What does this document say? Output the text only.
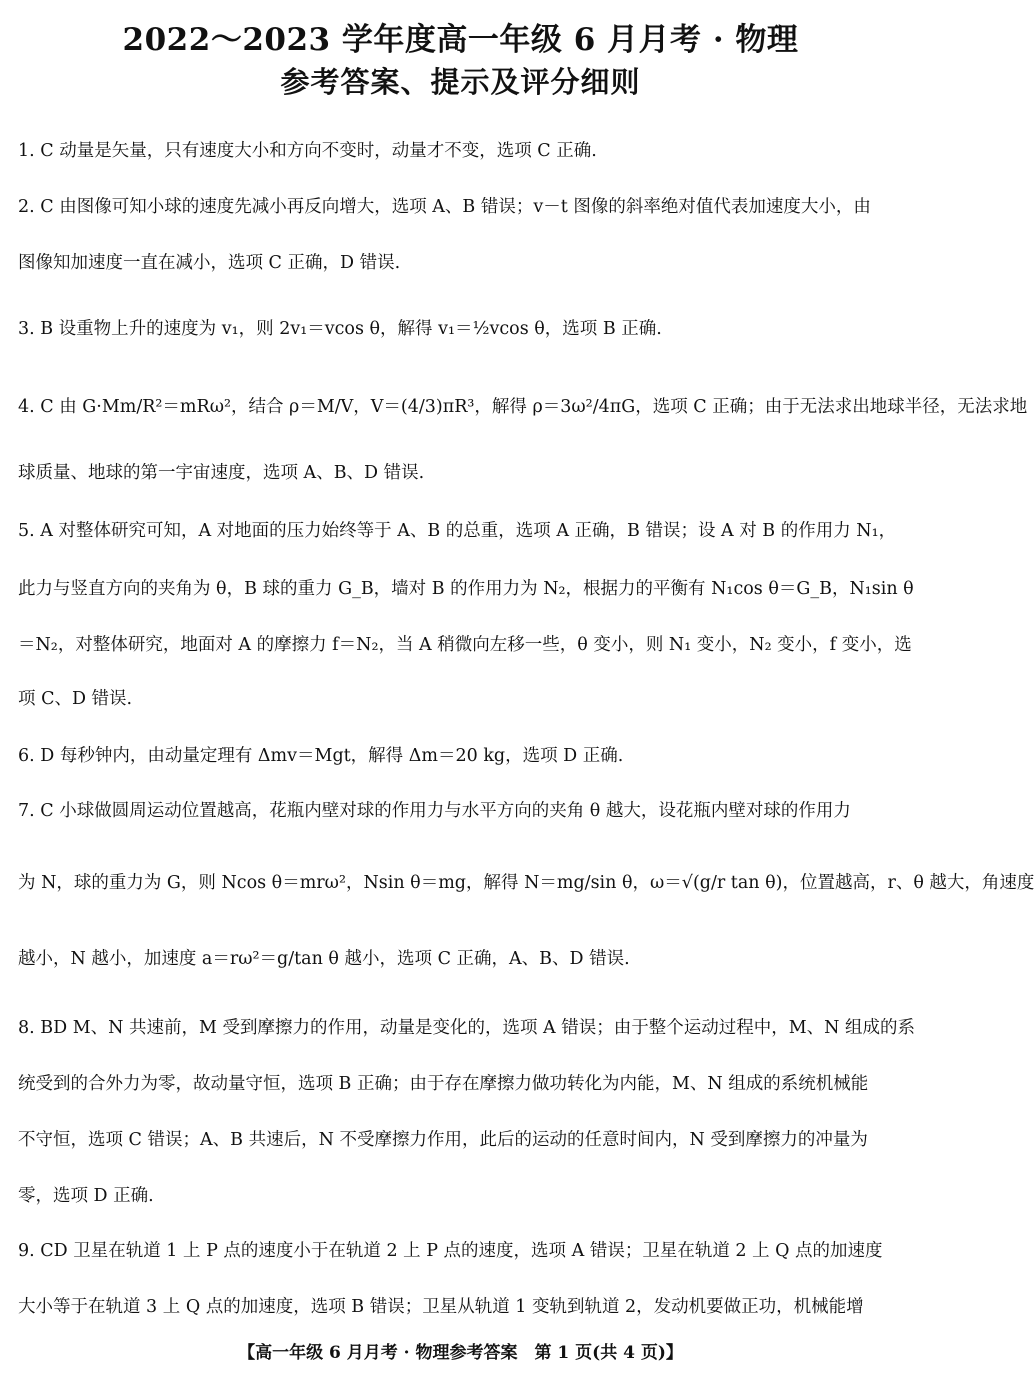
2022～2023 学年度高一年级 6 月月考 · 物理
参考答案、提示及评分细则
1. C 动量是矢量，只有速度大小和方向不变时，动量才不变，选项 C 正确.
2. C 由图像可知小球的速度先减小再反向增大，选项 A、B 错误；v－t 图像的斜率绝对值代表加速度大小，由
图像知加速度一直在减小，选项 C 正确，D 错误.
3. B 设重物上升的速度为 v₁，则 2v₁＝vcos θ，解得 v₁＝½vcos θ，选项 B 正确.
4. C 由 G·Mm/R²＝mRω²，结合 ρ＝M/V，V＝(4/3)πR³，解得 ρ＝3ω²/4πG，选项 C 正确；由于无法求出地球半径，无法求地
球质量、地球的第一宇宙速度，选项 A、B、D 错误.
5. A 对整体研究可知，A 对地面的压力始终等于 A、B 的总重，选项 A 正确，B 错误；设 A 对 B 的作用力 N₁，
此力与竖直方向的夹角为 θ，B 球的重力 G_B，墙对 B 的作用力为 N₂，根据力的平衡有 N₁cos θ＝G_B，N₁sin θ
＝N₂，对整体研究，地面对 A 的摩擦力 f＝N₂，当 A 稍微向左移一些，θ 变小，则 N₁ 变小，N₂ 变小，f 变小，选
项 C、D 错误.
6. D 每秒钟内，由动量定理有 Δmv＝Mgt，解得 Δm＝20 kg，选项 D 正确.
7. C 小球做圆周运动位置越高，花瓶内壁对球的作用力与水平方向的夹角 θ 越大，设花瓶内壁对球的作用力
为 N，球的重力为 G，则 Ncos θ＝mrω²，Nsin θ＝mg，解得 N＝mg/sin θ，ω＝√(g/r tan θ)，位置越高，r、θ 越大，角速度
越小，N 越小，加速度 a＝rω²＝g/tan θ 越小，选项 C 正确，A、B、D 错误.
8. BD M、N 共速前，M 受到摩擦力的作用，动量是变化的，选项 A 错误；由于整个运动过程中，M、N 组成的系
统受到的合外力为零，故动量守恒，选项 B 正确；由于存在摩擦力做功转化为内能，M、N 组成的系统机械能
不守恒，选项 C 错误；A、B 共速后，N 不受摩擦力作用，此后的运动的任意时间内，N 受到摩擦力的冲量为
零，选项 D 正确.
9. CD 卫星在轨道 1 上 P 点的速度小于在轨道 2 上 P 点的速度，选项 A 错误；卫星在轨道 2 上 Q 点的加速度
大小等于在轨道 3 上 Q 点的加速度，选项 B 错误；卫星从轨道 1 变轨到轨道 2，发动机要做正功，机械能增
【高一年级 6 月月考 · 物理参考答案　第 1 页(共 4 页)】
